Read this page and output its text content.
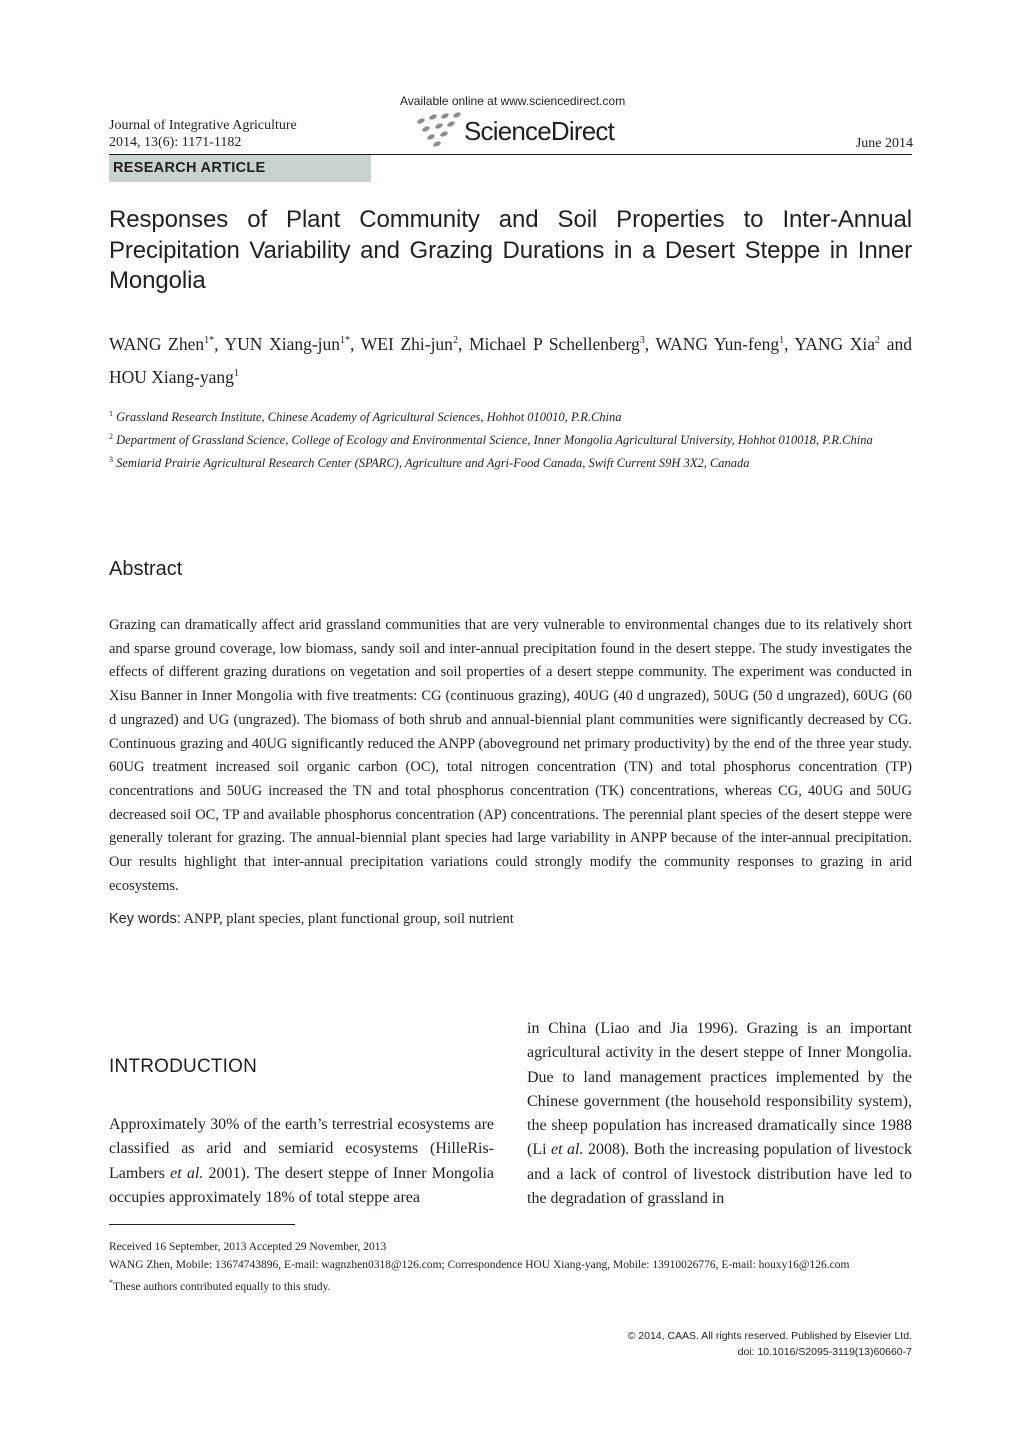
Available online at www.sciencedirect.com
Journal of Integrative Agriculture
2014, 13(6): 1171-1182	ScienceDirect	June 2014
RESEARCH ARTICLE
Responses of Plant Community and Soil Properties to Inter-Annual Precipitation Variability and Grazing Durations in a Desert Steppe in Inner Mongolia
WANG Zhen$^{1*}$, YUN Xiang-jun$^{1*}$, WEI Zhi-jun$^2$, Michael P Schellenberg$^3$, WANG Yun-feng$^1$, YANG Xia$^2$ and HOU Xiang-yang$^1$
$^1$ Grassland Research Institute, Chinese Academy of Agricultural Sciences, Hohhot 010010, P.R.China
$^2$ Department of Grassland Science, College of Ecology and Environmental Science, Inner Mongolia Agricultural University, Hohhot 010018, P.R.China
$^3$ Semiarid Prairie Agricultural Research Center (SPARC), Agriculture and Agri-Food Canada, Swift Current S9H 3X2, Canada
Abstract
Grazing can dramatically affect arid grassland communities that are very vulnerable to environmental changes due to its relatively short and sparse ground coverage, low biomass, sandy soil and inter-annual precipitation found in the desert steppe. The study investigates the effects of different grazing durations on vegetation and soil properties of a desert steppe community. The experiment was conducted in Xisu Banner in Inner Mongolia with five treatments: CG (continuous grazing), 40UG (40 d ungrazed), 50UG (50 d ungrazed), 60UG (60 d ungrazed) and UG (ungrazed). The biomass of both shrub and annual-biennial plant communities were significantly decreased by CG. Continuous grazing and 40UG significantly reduced the ANPP (aboveground net primary productivity) by the end of the three year study. 60UG treatment increased soil organic carbon (OC), total nitrogen concentration (TN) and total phosphorus concentration (TP) concentrations and 50UG increased the TN and total phosphorus concentration (TK) concentrations, whereas CG, 40UG and 50UG decreased soil OC, TP and available phosphorus concentration (AP) concentrations. The perennial plant species of the desert steppe were generally tolerant for grazing. The annual-biennial plant species had large variability in ANPP because of the inter-annual precipitation. Our results highlight that inter-annual precipitation variations could strongly modify the community responses to grazing in arid ecosystems.
Key words: ANPP, plant species, plant functional group, soil nutrient
INTRODUCTION
Approximately 30% of the earth’s terrestrial ecosystems are classified as arid and semiarid ecosystems (HilleRis-Lambers et al. 2001). The desert steppe of Inner Mongolia occupies approximately 18% of total steppe area
in China (Liao and Jia 1996). Grazing is an important agricultural activity in the desert steppe of Inner Mongolia. Due to land management practices implemented by the Chinese government (the household responsibility system), the sheep population has increased dramatically since 1988 (Li et al. 2008). Both the increasing population of livestock and a lack of control of livestock distribution have led to the degradation of grassland in
Received 16 September, 2013 Accepted 29 November, 2013
WANG Zhen, Mobile: 13674743896, E-mail: wagnzhen0318@126.com; Correspondence HOU Xiang-yang, Mobile: 13910026776, E-mail: houxy16@126.com
*These authors contributed equally to this study.
© 2014, CAAS. All rights reserved. Published by Elsevier Ltd.
doi: 10.1016/S2095-3119(13)60660-7
